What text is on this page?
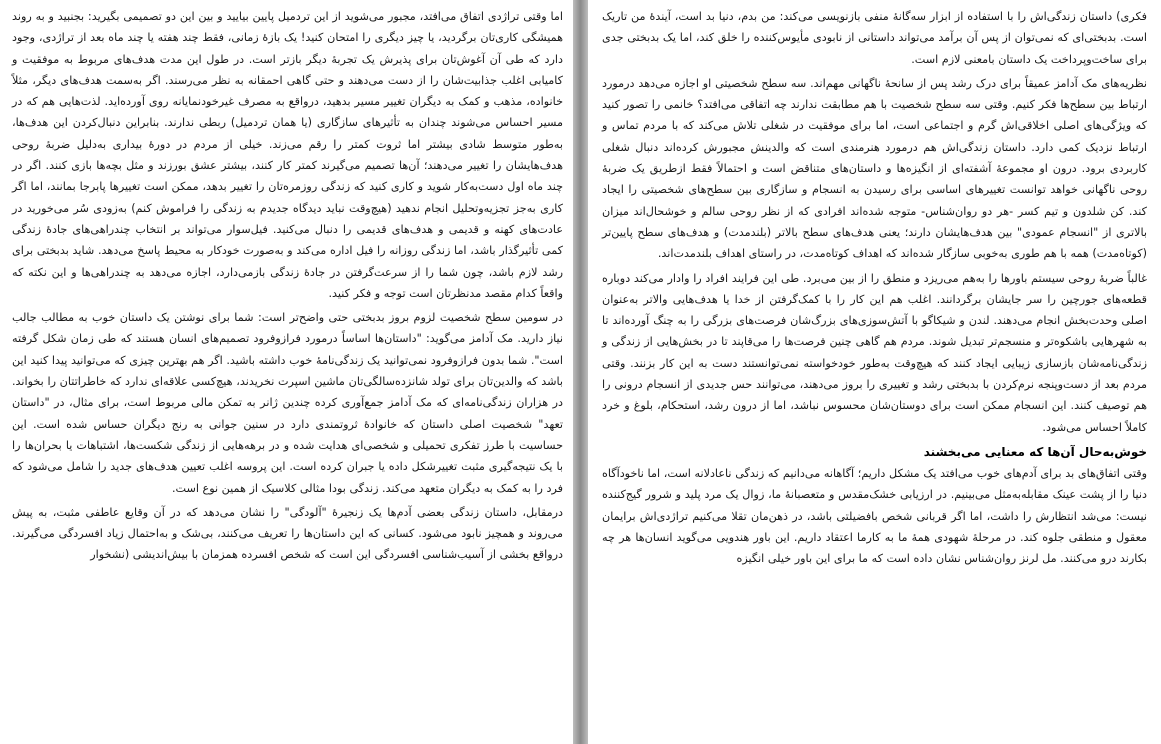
اما وقتی تراژدی اتفاق می‌افتد، مجبور می‌شوید از این تردمیل پایین بیایید و بین این دو تصمیمی بگیرید: بجنبید و به روند همیشگی کاری‌تان برگردید، یا چیز دیگری را امتحان کنید! یک بازهٔ زمانی، فقط چند هفته یا چند ماه بعد از تراژدی، وجود دارد که طی آن آغوش‌تان برای پذیرش یک تجربهٔ دیگر بازتر است. در طول این مدت هدف‌های مربوط به موفقیت و کامیابی اغلب جذابیت‌شان را از دست می‌دهند و حتی گاهی احمقانه به نظر می‌رسند. اگر به‌سمت هدف‌های دیگر، مثلاً خانواده، مذهب و کمک به دیگران تغییر مسیر بدهید، درواقع به مصرف غیرخودنمایانه روی آورده‌اید. لذت‌هایی هم که در مسیر احساس می‌شوند چندان به تأثیرهای سازگاری (یا همان تردمیل) ربطی ندارند. بنابراین دنبال‌کردن این هدف‌ها، به‌طور متوسط شادی بیشتر اما ثروت کمتر را رقم می‌زند. خیلی از مردم در دورهٔ بیداری به‌دلیل ضربهٔ روحی هدف‌هایشان را تغییر می‌دهند؛ آن‌ها تصمیم می‌گیرند کمتر کار کنند، بیشتر عشق بورزند و مثل بچه‌ها بازی کنند. اگر در چند ماه اول دست‌به‌کار شوید و کاری کنید که زندگی روزمره‌تان را تغییر بدهد، ممکن است تغییرها پابرجا بمانند، اما اگر کاری به‌جز تجزیه‌وتحلیل انجام ندهید (هیچ‌وقت نباید دیدگاه جدیدم به زندگی را فراموش کنم) به‌زودی سُر می‌خورید در عادت‌های کهنه و قدیمی و هدف‌های قدیمی را دنبال می‌کنید. فیل‌سوار می‌تواند بر انتخاب چندراهی‌های جادهٔ زندگی کمی تأثیرگذار باشد، اما زندگی روزانه را فیل اداره می‌کند و به‌صورت خودکار به محیط پاسخ می‌دهد. شاید بدبختی برای رشد لازم باشد، چون شما را از سرعت‌گرفتن در جادهٔ زندگی بازمی‌دارد، اجازه می‌دهد به چندراهی‌ها و این نکته که واقعاً کدام مقصد مدنظرتان است توجه و فکر کنید.

در سومین سطح شخصیت لزوم بروز بدبختی حتی واضح‌تر است: شما برای نوشتن یک داستان خوب به مطالب جالب نیاز دارید. مک آدامز می‌گوید: "داستان‌ها اساساً درمورد فرازوفرود تصمیم‌های انسان هستند که طی زمان شکل گرفته است". شما بدون فرازوفرود نمی‌توانید یک زندگی‌نامهٔ خوب داشته باشید. اگر هم بهترین چیزی که می‌توانید پیدا کنید این باشد که والدین‌تان برای تولد شانزده‌سالگی‌تان ماشین اسپرت نخریدند، هیچ‌کسی علاقه‌ای ندارد که خاطراتتان را بخواند. در هزاران زندگی‌نامه‌ای که مک آدامز جمع‌آوری کرده چندین ژانر به تمکن مالی مربوط است، برای مثال، در "داستان تعهد" شخصیت اصلی داستان که خانوادهٔ ثروتمندی دارد در سنین جوانی به رنج دیگران حساس شده است. این حساسیت با طرز تفکری تحمیلی و شخصی‌ای هدایت شده و در برهه‌هایی از زندگی شکست‌ها، اشتباهات یا بحران‌ها را با یک نتیجه‌گیری مثبت تغییرشکل داده یا جبران کرده است. این پروسه اغلب تعیین هدف‌های جدید را شامل می‌شود که فرد را به کمک به دیگران متعهد می‌کند. زندگی بودا مثالی کلاسیک از همین نوع است.

درمقابل، داستان زندگی بعضی آدم‌ها یک زنجیرهٔ "آلودگی" را نشان می‌دهد که در آن وقایع عاطفی مثبت، به پیش می‌روند و همچیز نابود می‌شود. کسانی که این داستان‌ها را تعریف می‌کنند، بی‌شک و به‌احتمال زیاد افسردگی می‌گیرند. درواقع بخشی از آسیب‌شناسی افسردگی این است که شخص افسرده همزمان با بیش‌اندیشی (نشخوار

فکری) داستان زندگی‌اش را با استفاده از ابزار سه‌گانهٔ منفی بازنویسی می‌کند: من بدم، دنیا بد است، آیندهٔ من تاریک است. بدبختی‌ای که نمی‌توان از پس آن برآمد می‌تواند داستانی از نابودی مأیوس‌کننده را خلق کند، اما یک بدبختی جدی برای ساخت‌وپرداخت یک داستان بامعنی لازم است.

نظریه‌های مک آدامز عمیقاً برای درک رشد پس از سانحهٔ ناگهانی مهم‌اند. سه سطح شخصیتی او اجازه می‌دهد درمورد ارتباط بین سطح‌ها فکر کنیم. وقتی سه سطح شخصیت با هم مطابقت ندارند چه اتفاقی می‌افتد؟ خانمی را تصور کنید که ویژگی‌های اصلی اخلاقی‌اش گرم و اجتماعی است، اما برای موفقیت در شغلی تلاش می‌کند که با مردم تماس و ارتباط نزدیک کمی دارد. داستان زندگی‌اش هم درمورد هنرمندی است که والدینش مجبورش کرده‌اند دنبال شغلی کاربردی برود. درون او مجموعهٔ آشفته‌ای از انگیزه‌ها و داستان‌های متناقض است و احتمالاً فقط ازطریق یک ضربهٔ روحی ناگهانی خواهد توانست تغییرهای اساسی برای رسیدن به انسجام و سازگاری بین سطح‌های شخصیتی را ایجاد کند. کن شلدون و تیم کسر -هر دو روان‌شناس- متوجه شده‌اند افرادی که از نظر روحی سالم و خوشحال‌اند میزان بالاتری از "انسجام عمودی" بین هدف‌هایشان دارند؛ یعنی هدف‌های سطح بالاتر (بلندمدت) و هدف‌های سطح پایین‌تر (کوتاه‌مدت) همه با هم طوری به‌خوبی سازگار شده‌اند که اهداف کوتاه‌مدت، در راستای اهداف بلندمدت‌اند.

غالباً ضربهٔ روحی سیستم باورها را به‌هم می‌ریزد و منطق را از بین می‌برد. طی این فرایند افراد را وادار می‌کند دوباره قطعه‌های جورچین را سر جایشان برگردانند. اغلب هم این کار را با کمک‌گرفتن از خدا یا هدف‌هایی والاتر به‌عنوان اصلی وحدت‌بخش انجام می‌دهند. لندن و شیکاگو با آتش‌سوزی‌های بزرگ‌شان فرصت‌های بزرگی را به چنگ آورده‌اند تا به شهرهایی باشکوه‌تر و منسجم‌تر تبدیل شوند. مردم هم گاهی چنین فرصت‌ها را می‌قاپند تا در بخش‌هایی از زندگی و زندگی‌نامه‌شان بازسازی زیبایی ایجاد کنند که هیچ‌وقت به‌طور خودخواسته نمی‌توانستند دست به این کار بزنند. وقتی مردم بعد از دست‌وپنجه نرم‌کردن با بدبختی رشد و تغییری را بروز می‌دهند، می‌توانند حس جدیدی از انسجام درونی را هم توصیف کنند. این انسجام ممکن است برای دوستان‌شان محسوس نباشد، اما از درون رشد، استحکام، بلوغ و خرد کاملاً احساس می‌شود.

خوش‌به‌حال آن‌ها که معنایی می‌بخشند

وقتی اتفاق‌های بد برای آدم‌های خوب می‌افتد یک مشکل داریم؛ آگاهانه می‌دانیم که زندگی ناعادلانه است، اما ناخودآگاه دنیا را از پشت عینک مقابله‌به‌مثل می‌بینیم. در ارزیابی خشک‌مقدس و متعصبانهٔ ما، زوال یک مرد پلید و شرور گیج‌کننده نیست: می‌شد انتظارش را داشت، اما اگر قربانی شخص بافضیلتی باشد، در ذهن‌مان تقلا می‌کنیم تراژدی‌اش برایمان معقول و منطقی جلوه کند. در مرحلهٔ شهودی همهٔ ما به کارما اعتقاد داریم. این باور هندویی می‌گوید انسان‌ها هر چه بکارند درو می‌کنند. مل لرنز روان‌شناس نشان داده است که ما برای این باور خیلی انگیزه
